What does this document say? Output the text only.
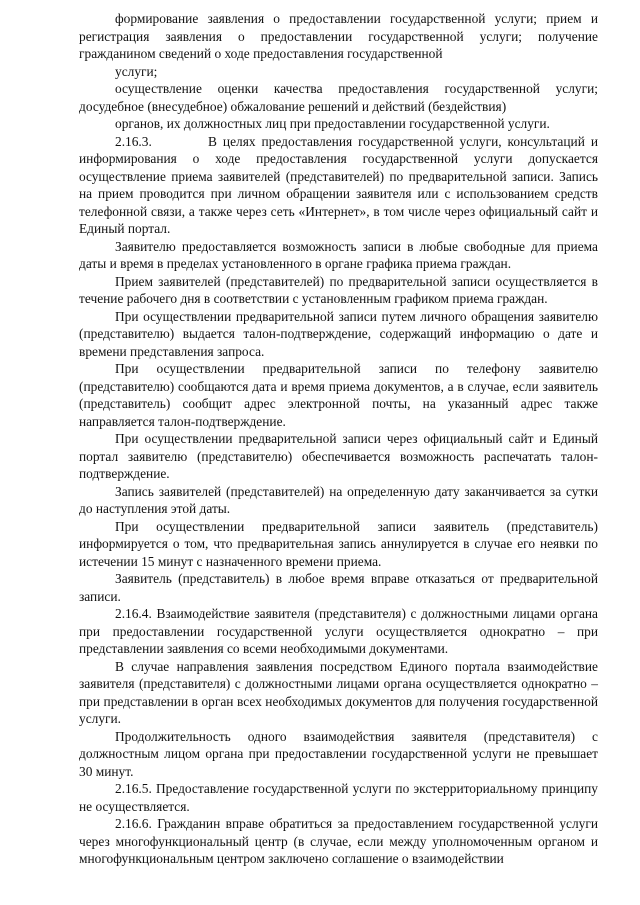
формирование заявления о предоставлении государственной услуги; прием и регистрация заявления о предоставлении государственной услуги; получение гражданином сведений о ходе предоставления государственной

услуги;

осуществление оценки качества предоставления государственной услуги; досудебное (внесудебное) обжалование решений и действий (бездействия)

органов, их должностных лиц при предоставлении государственной услуги.

2.16.3.	В целях предоставления государственной услуги, консультаций и информирования о ходе предоставления государственной услуги допускается осуществление приема заявителей (представителей) по предварительной записи. Запись на прием проводится при личном обращении заявителя или с использованием средств телефонной связи, а также через сеть «Интернет», в том числе через официальный сайт и Единый портал.

Заявителю предоставляется возможность записи в любые свободные для приема даты и время в пределах установленного в органе графика приема граждан.

Прием заявителей (представителей) по предварительной записи осуществляется в течение рабочего дня в соответствии с установленным графиком приема граждан.

При осуществлении предварительной записи путем личного обращения заявителю (представителю) выдается талон-подтверждение, содержащий информацию о дате и времени представления запроса.

При осуществлении предварительной записи по телефону заявителю (представителю) сообщаются дата и время приема документов, а в случае, если заявитель (представитель) сообщит адрес электронной почты, на указанный адрес также направляется талон-подтверждение.

При осуществлении предварительной записи через официальный сайт и Единый портал заявителю (представителю) обеспечивается возможность распечатать талон-подтверждение.

Запись заявителей (представителей) на определенную дату заканчивается за сутки до наступления этой даты.

При осуществлении предварительной записи заявитель (представитель) информируется о том, что предварительная запись аннулируется в случае его неявки по истечении 15 минут с назначенного времени приема.

Заявитель (представитель) в любое время вправе отказаться от предварительной записи.

2.16.4. Взаимодействие заявителя (представителя) с должностными лицами органа при предоставлении государственной услуги осуществляется однократно – при представлении заявления со всеми необходимыми документами.

В случае направления заявления посредством Единого портала взаимодействие заявителя (представителя) с должностными лицами органа осуществляется однократно – при представлении в орган всех необходимых документов для получения государственной услуги.

Продолжительность одного взаимодействия заявителя (представителя) с должностным лицом органа при предоставлении государственной услуги не превышает 30 минут.

2.16.5. Предоставление государственной услуги по экстерриториальному принципу не осуществляется.

2.16.6. Гражданин вправе обратиться за предоставлением государственной услуги через многофункциональный центр (в случае, если между уполномоченным органом и многофункциональным центром заключено соглашение о взаимодействии
